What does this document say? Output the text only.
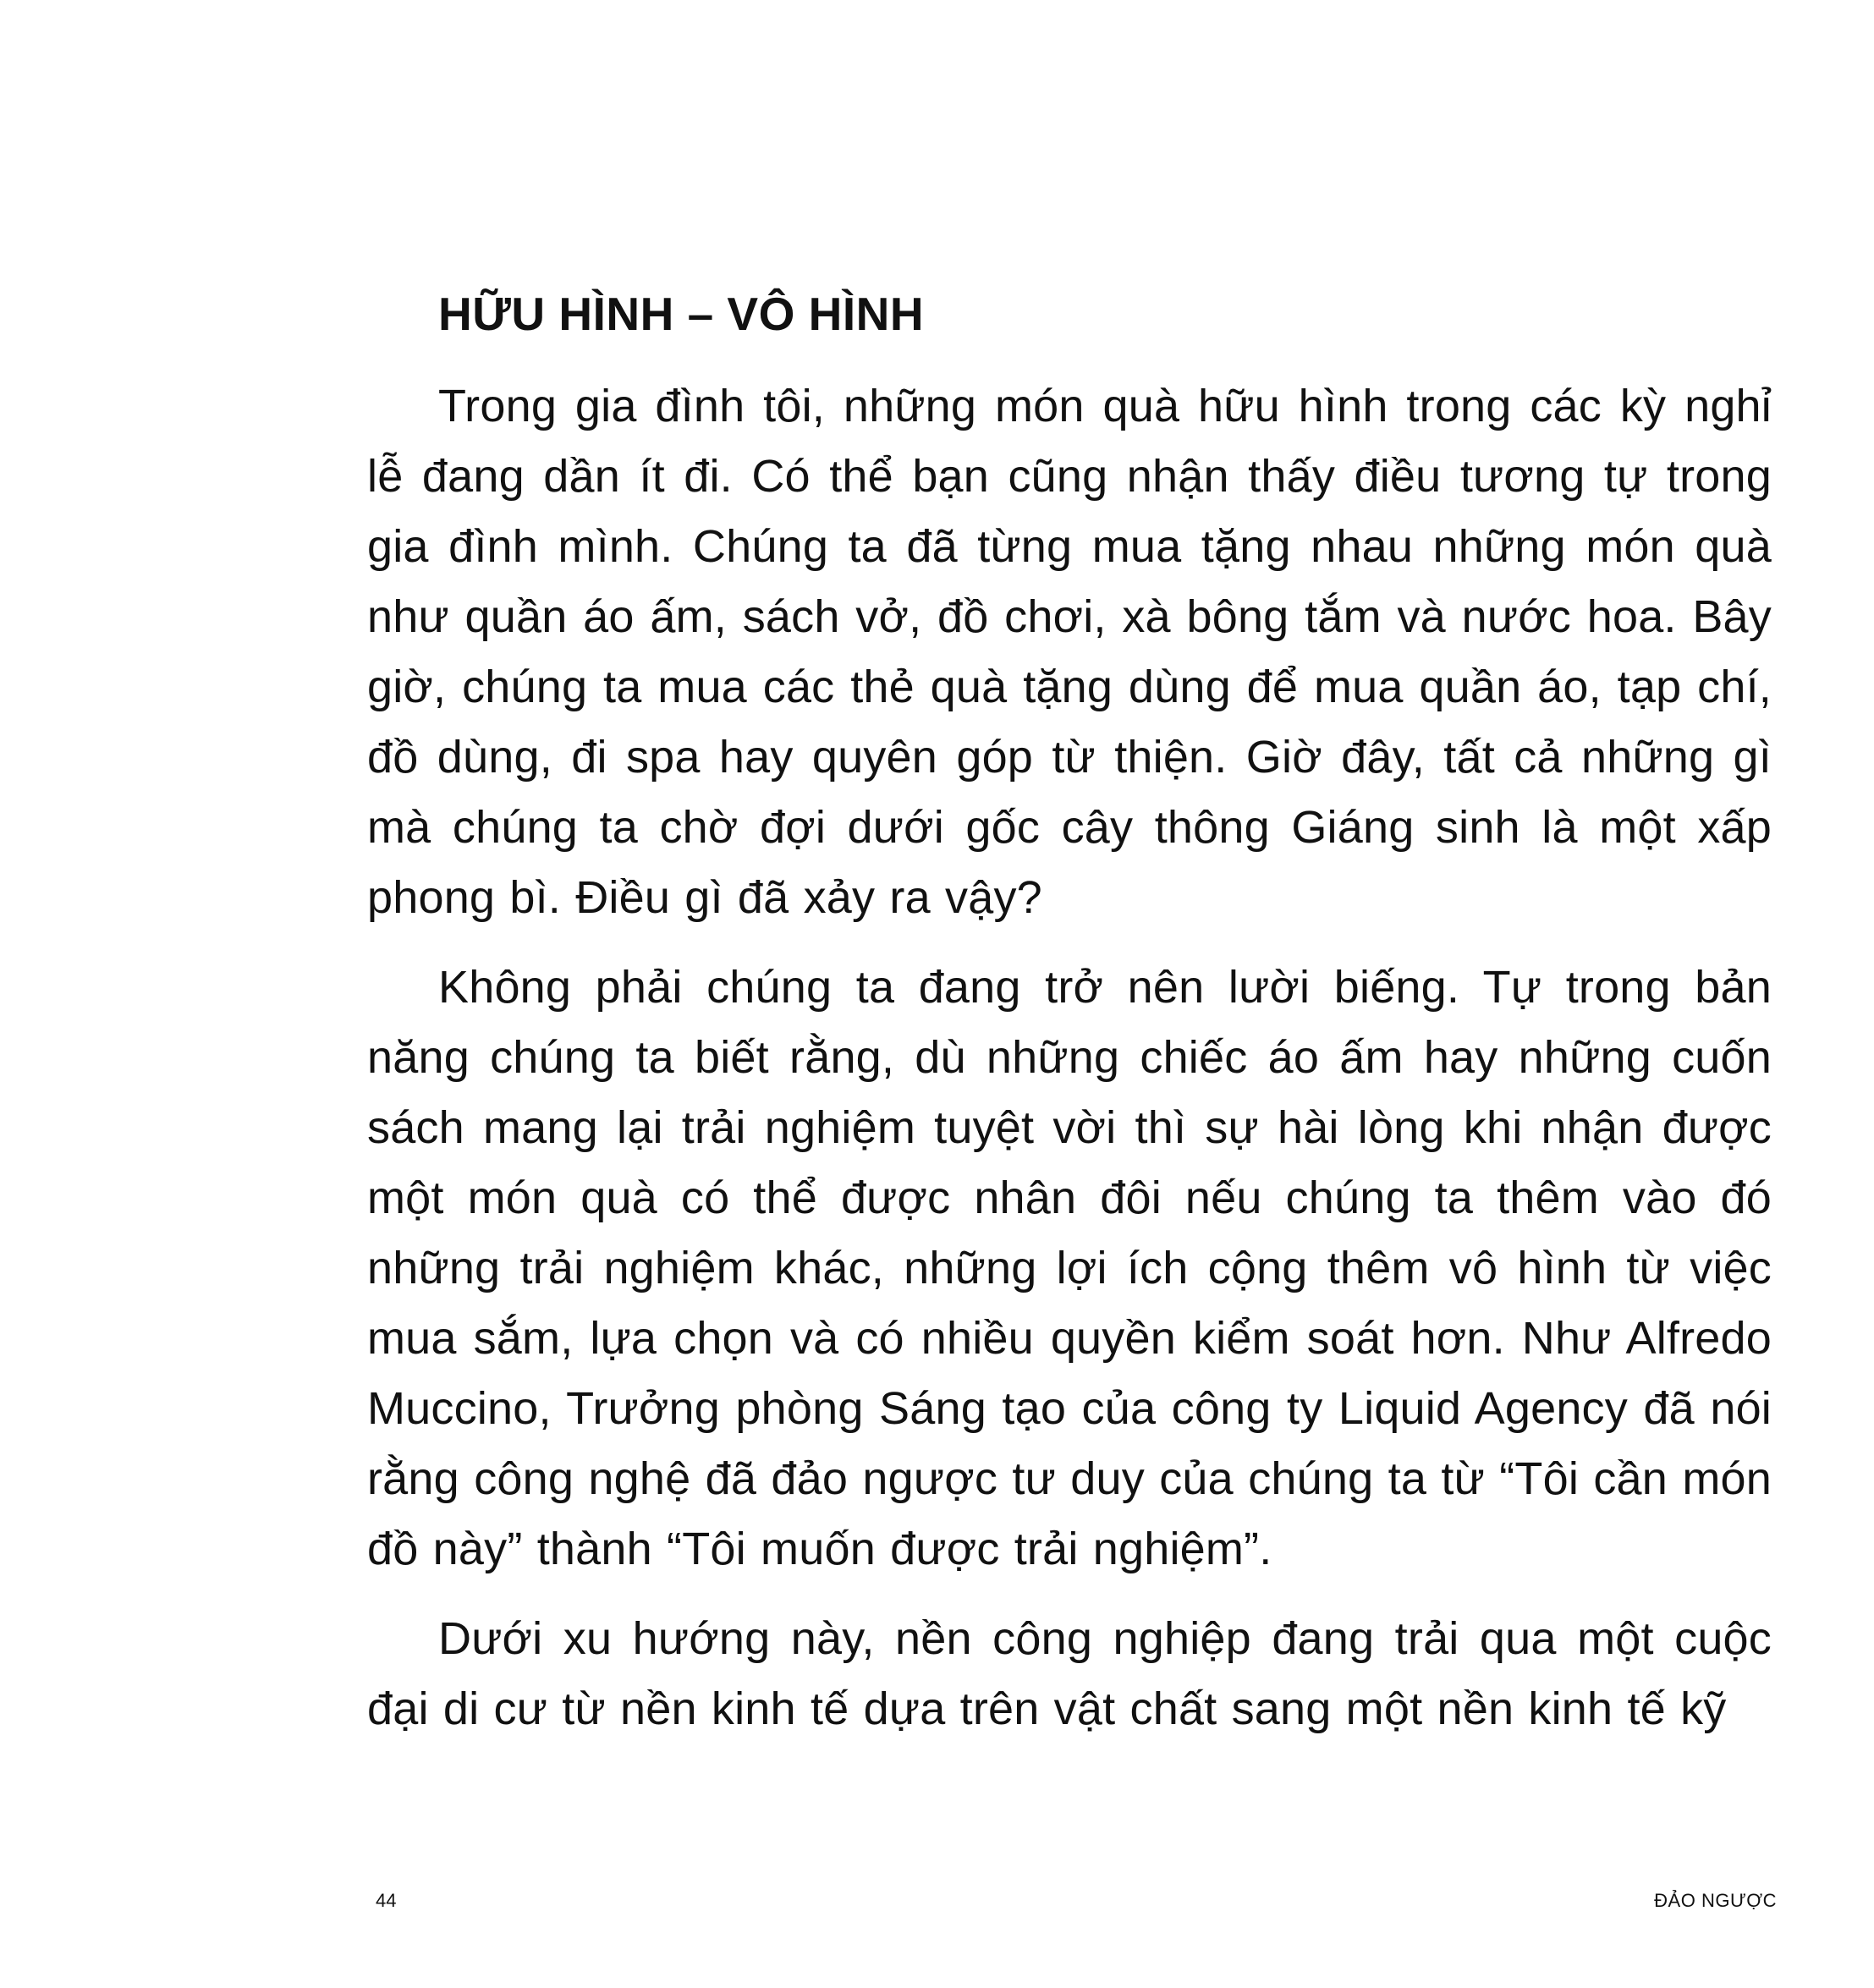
HỮU HÌNH – VÔ HÌNH

Trong gia đình tôi, những món quà hữu hình trong các kỳ nghỉ lễ đang dần ít đi. Có thể bạn cũng nhận thấy điều tương tự trong gia đình mình. Chúng ta đã từng mua tặng nhau những món quà như quần áo ấm, sách vở, đồ chơi, xà bông tắm và nước hoa. Bây giờ, chúng ta mua các thẻ quà tặng dùng để mua quần áo, tạp chí, đồ dùng, đi spa hay quyên góp từ thiện. Giờ đây, tất cả những gì mà chúng ta chờ đợi dưới gốc cây thông Giáng sinh là một xấp phong bì. Điều gì đã xảy ra vậy?

Không phải chúng ta đang trở nên lười biếng. Tự trong bản năng chúng ta biết rằng, dù những chiếc áo ấm hay những cuốn sách mang lại trải nghiệm tuyệt vời thì sự hài lòng khi nhận được một món quà có thể được nhân đôi nếu chúng ta thêm vào đó những trải nghiệm khác, những lợi ích cộng thêm vô hình từ việc mua sắm, lựa chọn và có nhiều quyền kiểm soát hơn. Như Alfredo Muccino, Trưởng phòng Sáng tạo của công ty Liquid Agency đã nói rằng công nghệ đã đảo ngược tư duy của chúng ta từ “Tôi cần món đồ này” thành “Tôi muốn được trải nghiệm”.

Dưới xu hướng này, nền công nghiệp đang trải qua một cuộc đại di cư từ nền kinh tế dựa trên vật chất sang một nền kinh tế kỹ

44	ĐẢO NGƯỢC
